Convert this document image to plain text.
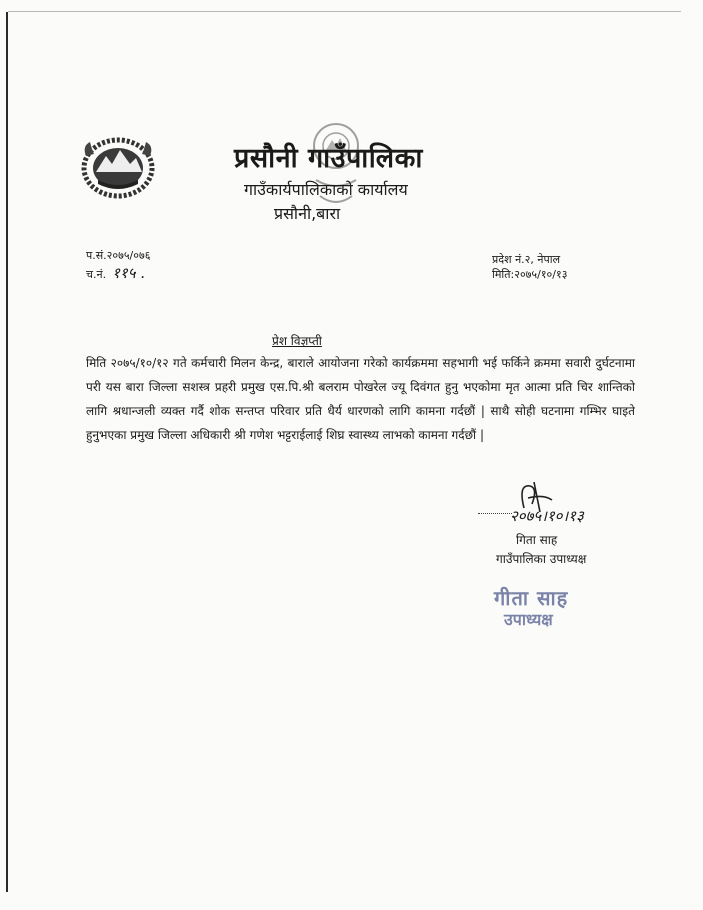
प्रसौनी गाउँपालिका
गाउँकार्यपालिकाको कार्यालय
प्रसौनी,बारा
प.सं.२०७५/०७६
च.नं. ११५ .
प्रदेश नं.२, नेपाल
मिति:२०७५/१०/१३
प्रेश विज्ञप्ती
मिति २०७५/१०/१२ गते कर्मचारी मिलन केन्द्र, बाराले आयोजना गरेको कार्यक्रममा सहभागी भई फर्किने क्रममा सवारी दुर्घटनामा परी यस बारा जिल्ला सशस्त्र प्रहरी प्रमुख एस.पि.श्री बलराम पोखरेल ज्यू दिवंगत हुनु भएकोमा मृत आत्मा प्रति चिर शान्तिको लागि श्रधान्जली व्यक्त गर्दै शोक सन्तप्त परिवार प्रति धैर्य धारणको लागि कामना गर्दछौं | साथै सोही घटनामा गम्भिर घाइते हुनुभएका प्रमुख जिल्ला अधिकारी श्री गणेश भट्टराईलाई शिघ्र स्वास्थ्य लाभको कामना गर्दछौं |
२०७५।१०।१३
गिता साह
गाउँपालिका उपाध्यक्ष
गीता साह
उपाध्यक्ष
